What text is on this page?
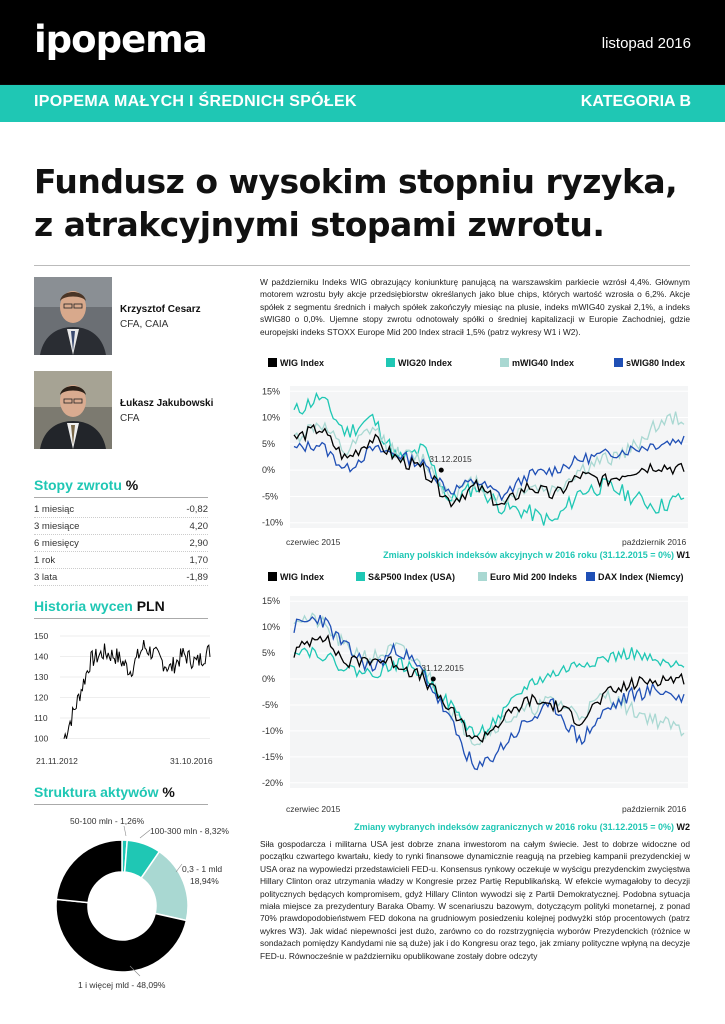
ipopema	listopad 2016
IPOPEMA MAŁYCH I ŚREDNICH SPÓŁEK	KATEGORIA B
Fundusz o wysokim stopniu ryzyka,
z atrakcyjnymi stopami zwrotu.
Krzysztof Cesarz
CFA, CAIA
Łukasz Jakubowski
CFA
Stopy zwrotu %
1 miesiąc	-0,82
3 miesiące	4,20
6 miesięcy	2,90
1 rok	1,70
3 lata	-1,89
Historia wycen PLN
150
140
130
120
110
100
21.11.2012	31.10.2016
Struktura aktywów %
50-100 mln - 1,26%
100-300 mln - 8,32%
0,3 - 1 mld
18,94%
1 i więcej mld - 48,09%
W październiku Indeks WIG obrazujący koniunkturę panującą na warszawskim parkiecie wzrósł 4,4%. Głównym motorem wzrostu były akcje przedsiębiorstw określanych jako blue chips, których wartość wzrosła o 6,2%. Akcje spółek z segmentu średnich i małych spółek zakończyły miesiąc na plusie, indeks mWIG40 zyskał 2,1%, a indeks sWIG80 o 0,0%. Ujemne stopy zwrotu odnotowały spółki o średniej kapitalizacji w Europie Zachodniej, gdzie europejski indeks STOXX Europe Mid 200 Index stracił 1,5% (patrz wykresy W1 i W2).
WIG Index	WIG20 Index	mWIG40 Index	sWIG80 Index
15%
10%
5%
0%
-5%
-10%
31.12.2015
czerwiec 2015	październik 2016
Zmiany polskich indeksów akcyjnych w 2016 roku (31.12.2015 = 0%) W1
WIG Index	S&P500 Index (USA)	Euro Mid 200 Indeks	DAX Index (Niemcy)
15%
10%
5%
0%
-5%
-10%
-15%
-20%
31.12.2015
czerwiec 2015	październik 2016
Zmiany wybranych indeksów zagranicznych w 2016 roku (31.12.2015 = 0%) W2
Siła gospodarcza i militarna USA jest dobrze znana inwestorom na całym świecie. Jest to dobrze widoczne od początku czwartego kwartału, kiedy to rynki finansowe dynamicznie reagują na przebieg kampanii prezydenckiej w USA oraz na wypowiedzi przedstawicieli FED-u. Konsensus rynkowy oczekuje w wyścigu prezydenckim zwycięstwa Hillary Clinton oraz utrzymania władzy w Kongresie przez Partię Republikańską. W efekcie wymagałoby to decyzji politycznych będących kompromisem, gdyż Hillary Clinton wywodzi się z Partii Demokratycznej. Podobna sytuacja miała miejsce za prezydentury Baraka Obamy. W scenariuszu bazowym, dotyczącym polityki monetarnej, z ponad 70% prawdopodobieństwem FED dokona na grudniowym posiedzeniu kolejnej podwyżki stóp procentowych (patrz wykres W3). Jak widać niepewności jest dużo, zarówno co do rozstrzygnięcia wyborów Prezydenckich (różnice w sondażach pomiędzy Kandydami nie są duże) jak i do Kongresu oraz tego, jak zmiany polityczne wpłyną na decyzje FED-u. Równocześnie w październiku opublikowane zostały dobre odczyty
